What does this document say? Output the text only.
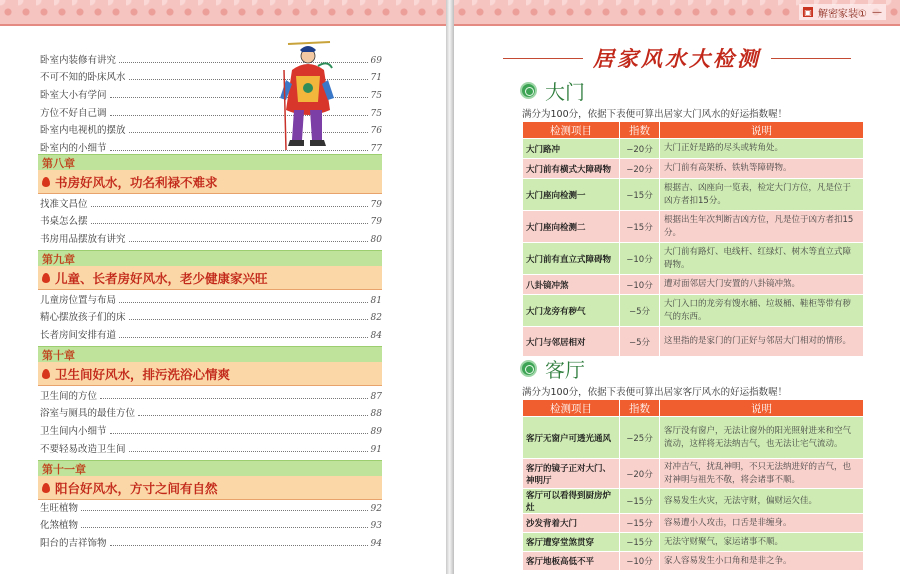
卧室内装修有讲究	69
不可不知的卧床风水	71
卧室大小有学问	75
方位不好自己调	75
卧室内电视机的摆放	76
卧室内的小细节	77
第八章
书房好风水，功名利禄不难求
找准文昌位	79
书桌怎么摆	79
书房用品摆放有讲究	80
第九章
儿童、长者房好风水，老少健康家兴旺
儿童房位置与布局	81
精心摆放孩子们的床	82
长者房间安排有道	84
第十章
卫生间好风水，排污洗浴心情爽
卫生间的方位	87
浴室与厕具的最佳方位	88
卫生间内小细节	89
不要轻易改造卫生间	91
第十一章
阳台好风水，方寸之间有自然
生旺植物	92
化煞植物	93
阳台的吉祥饰物	94
▣ 解密家装① —
居家风水大检测
大门
满分为100分，依据下表便可算出居家大门风水的好运指数喔！
检测项目	指数	说明
大门路冲	−20分	大门正好是路的尽头或转角处。
大门前有横式大障碍物	−20分	大门前有高架桥、铁轨等障碍物。
大门座向检测一	−15分	根据吉、凶座向一览表，检定大门方位，凡是位于凶方者扣15分。
大门座向检测二	−15分	根据出生年次判断吉凶方位，凡是位于凶方者扣15分。
大门前有直立式障碍物	−10分	大门前有路灯、电线杆、红绿灯、树木等直立式障碍物。
八卦镜冲煞	−10分	遭对面邻居大门安置的八卦镜冲煞。
大门龙旁有秽气	−5分	大门入口的龙旁有馊水桶、垃圾桶、鞋柜等带有秽气的东西。
大门与邻居相对	−5分	这里指的是家门的门正好与邻居大门相对的情形。
客厅
满分为100分，依据下表便可算出居家客厅风水的好运指数喔！
检测项目	指数	说明
客厅无窗户可透光通风	−25分	客厅没有窗户，无法让窗外的阳光照射进来和空气流动，这样将无法纳吉气，也无法让宅气流动。
客厅的镜子正对大门、神明厅	−20分	对冲吉气，扰乱神明，不只无法纳进好的吉气，也对神明与祖先不敬，将会诸事不顺。
客厅可以看得到厨房炉灶	−15分	容易发生火灾，无法守财，偏财运欠佳。
沙发背着大门	−15分	容易遭小人攻击，口舌是非缠身。
客厅遭穿堂煞贯穿	−15分	无法守财聚气，家运诸事不顺。
客厅地板高低不平	−10分	家人容易发生小口角和是非之争。
